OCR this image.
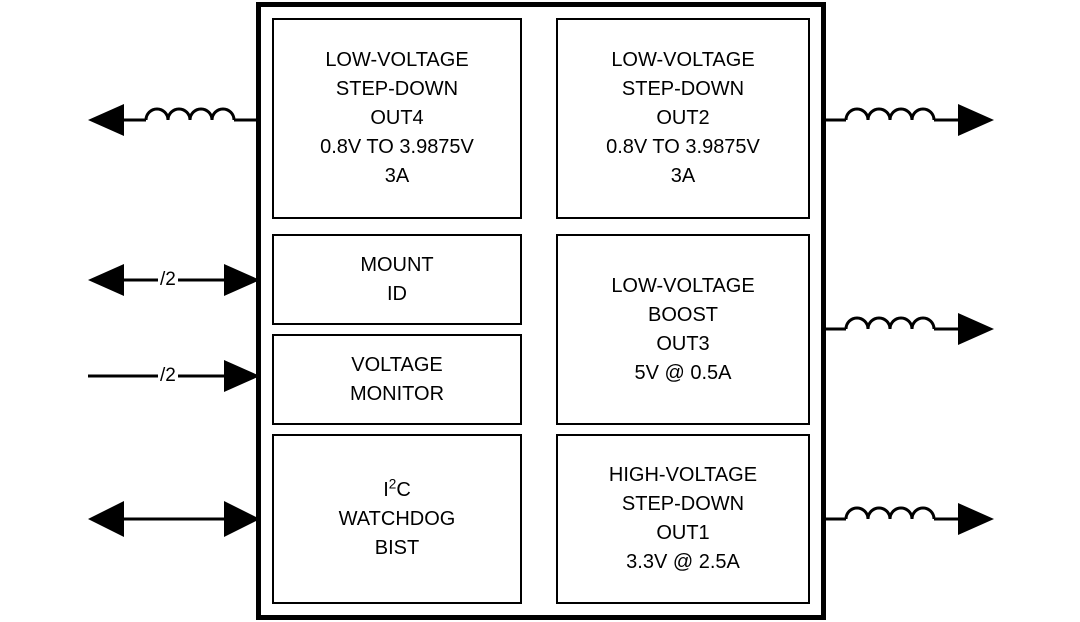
/2
/2
LOW-VOLTAGE
STEP-DOWN
OUT4
0.8V TO 3.9875V
3A
MOUNT
ID
VOLTAGE
MONITOR
$I^2C$
WATCHDOG
BIST
LOW-VOLTAGE
STEP-DOWN
OUT2
0.8V TO 3.9875V
3A
LOW-VOLTAGE
BOOST
OUT3
5V @ 0.5A
HIGH-VOLTAGE
STEP-DOWN
OUT1
3.3V @ 2.5A
